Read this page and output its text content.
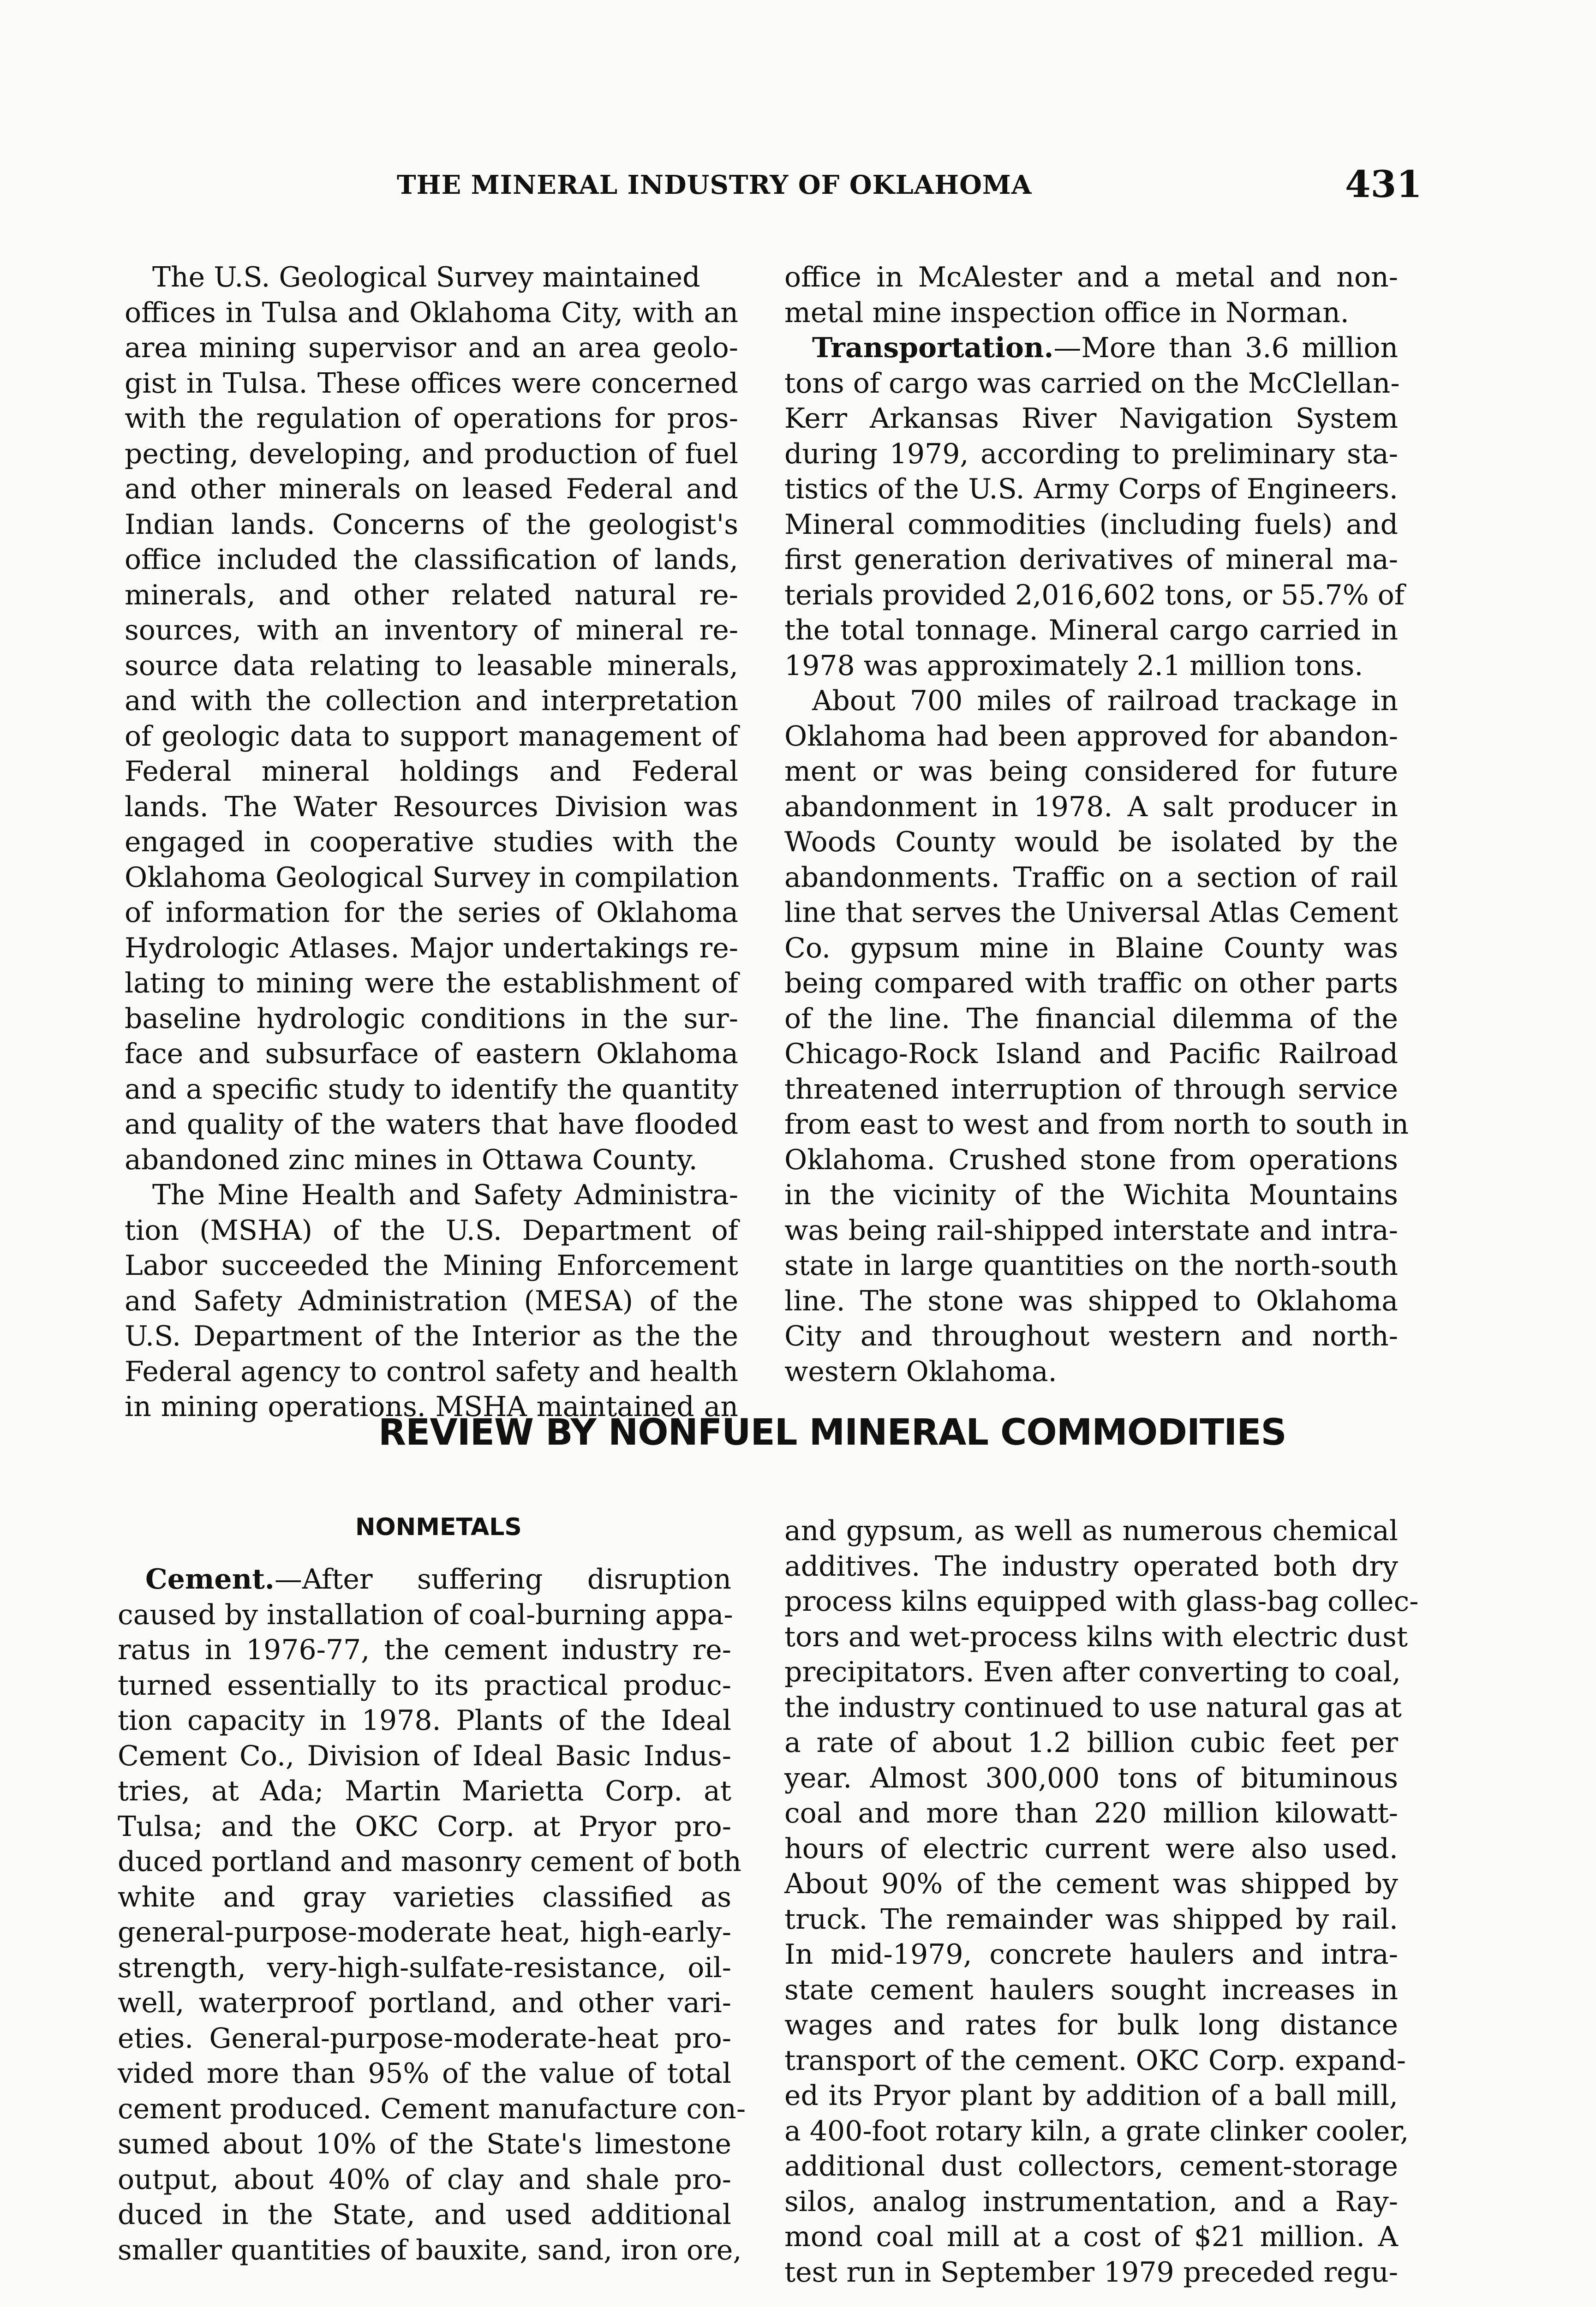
THE MINERAL INDUSTRY OF OKLAHOMA	431
The U.S. Geological Survey maintained
offices in Tulsa and Oklahoma City, with an
area mining supervisor and an area geolo-
gist in Tulsa. These offices were concerned
with the regulation of operations for pros-
pecting, developing, and production of fuel
and other minerals on leased Federal and
Indian lands. Concerns of the geologist's
office included the classification of lands,
minerals, and other related natural re-
sources, with an inventory of mineral re-
source data relating to leasable minerals,
and with the collection and interpretation
of geologic data to support management of
Federal mineral holdings and Federal
lands. The Water Resources Division was
engaged in cooperative studies with the
Oklahoma Geological Survey in compilation
of information for the series of Oklahoma
Hydrologic Atlases. Major undertakings re-
lating to mining were the establishment of
baseline hydrologic conditions in the sur-
face and subsurface of eastern Oklahoma
and a specific study to identify the quantity
and quality of the waters that have flooded
abandoned zinc mines in Ottawa County.
The Mine Health and Safety Administra-
tion (MSHA) of the U.S. Department of
Labor succeeded the Mining Enforcement
and Safety Administration (MESA) of the
U.S. Department of the Interior as the the
Federal agency to control safety and health
in mining operations. MSHA maintained an
office in McAlester and a metal and non-
metal mine inspection office in Norman.
Transportation.—More than 3.6 million
tons of cargo was carried on the McClellan-
Kerr Arkansas River Navigation System
during 1979, according to preliminary sta-
tistics of the U.S. Army Corps of Engineers.
Mineral commodities (including fuels) and
first generation derivatives of mineral ma-
terials provided 2,016,602 tons, or 55.7% of
the total tonnage. Mineral cargo carried in
1978 was approximately 2.1 million tons.
About 700 miles of railroad trackage in
Oklahoma had been approved for abandon-
ment or was being considered for future
abandonment in 1978. A salt producer in
Woods County would be isolated by the
abandonments. Traffic on a section of rail
line that serves the Universal Atlas Cement
Co. gypsum mine in Blaine County was
being compared with traffic on other parts
of the line. The financial dilemma of the
Chicago-Rock Island and Pacific Railroad
threatened interruption of through service
from east to west and from north to south in
Oklahoma. Crushed stone from operations
in the vicinity of the Wichita Mountains
was being rail-shipped interstate and intra-
state in large quantities on the north-south
line. The stone was shipped to Oklahoma
City and throughout western and north-
western Oklahoma.
REVIEW BY NONFUEL MINERAL COMMODITIES
NONMETALS
Cement.—After suffering disruption
caused by installation of coal-burning appa-
ratus in 1976-77, the cement industry re-
turned essentially to its practical produc-
tion capacity in 1978. Plants of the Ideal
Cement Co., Division of Ideal Basic Indus-
tries, at Ada; Martin Marietta Corp. at
Tulsa; and the OKC Corp. at Pryor pro-
duced portland and masonry cement of both
white and gray varieties classified as
general-purpose-moderate heat, high-early-
strength, very-high-sulfate-resistance, oil-
well, waterproof portland, and other vari-
eties. General-purpose-moderate-heat pro-
vided more than 95% of the value of total
cement produced. Cement manufacture con-
sumed about 10% of the State's limestone
output, about 40% of clay and shale pro-
duced in the State, and used additional
smaller quantities of bauxite, sand, iron ore,
and gypsum, as well as numerous chemical
additives. The industry operated both dry
process kilns equipped with glass-bag collec-
tors and wet-process kilns with electric dust
precipitators. Even after converting to coal,
the industry continued to use natural gas at
a rate of about 1.2 billion cubic feet per
year. Almost 300,000 tons of bituminous
coal and more than 220 million kilowatt-
hours of electric current were also used.
About 90% of the cement was shipped by
truck. The remainder was shipped by rail.
In mid-1979, concrete haulers and intra-
state cement haulers sought increases in
wages and rates for bulk long distance
transport of the cement. OKC Corp. expand-
ed its Pryor plant by addition of a ball mill,
a 400-foot rotary kiln, a grate clinker cooler,
additional dust collectors, cement-storage
silos, analog instrumentation, and a Ray-
mond coal mill at a cost of $21 million. A
test run in September 1979 preceded regu-
